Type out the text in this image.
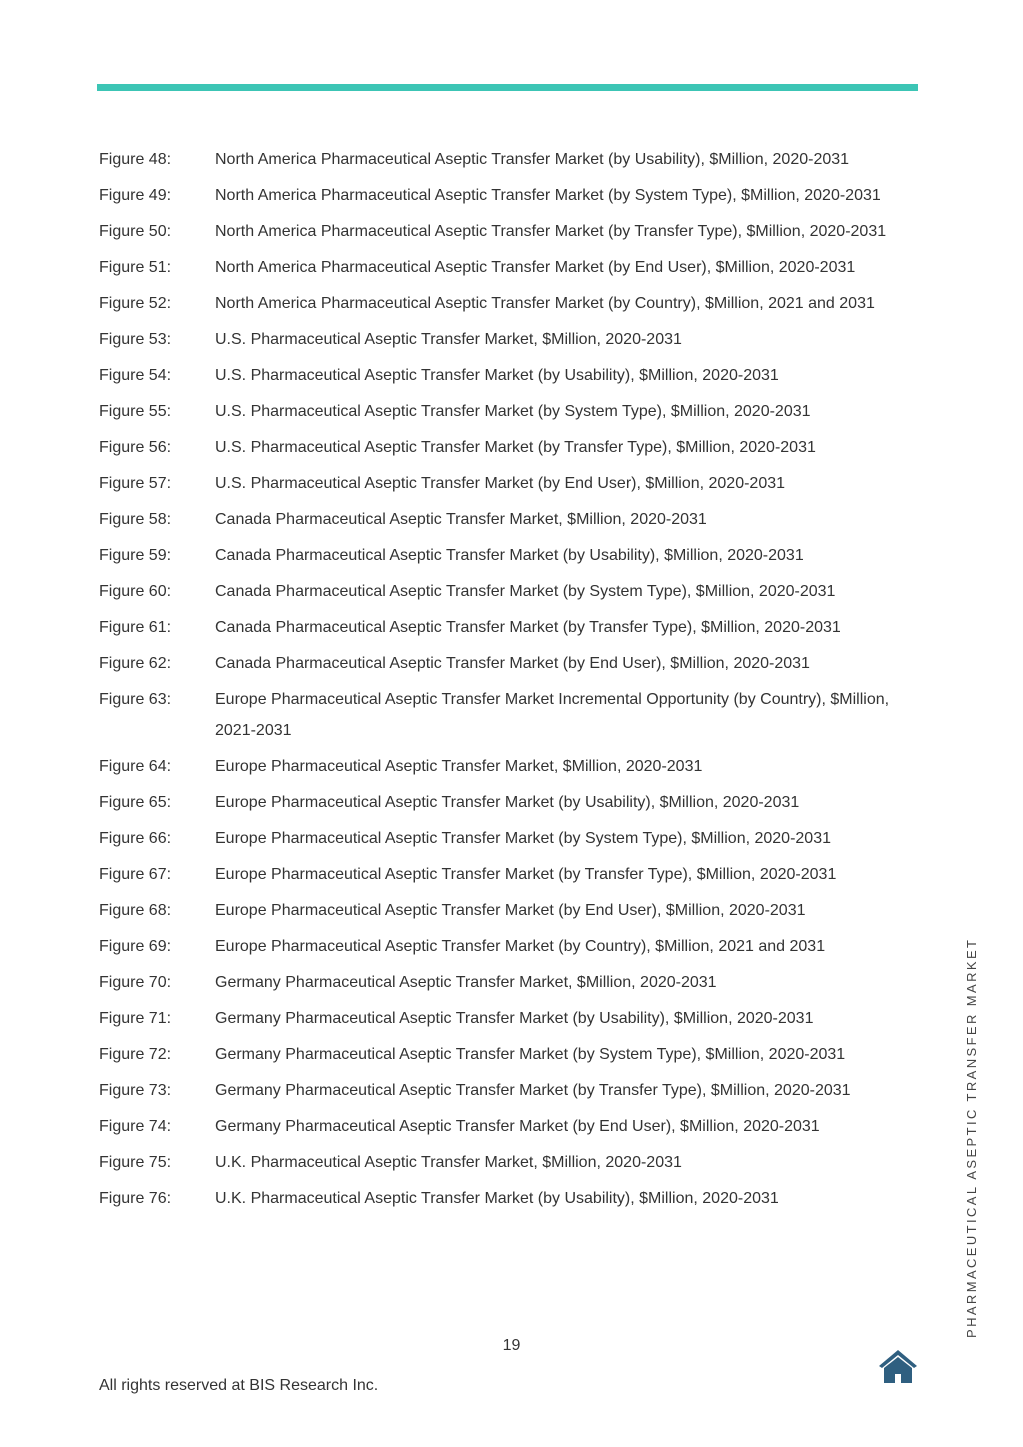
Figure 48:	North America Pharmaceutical Aseptic Transfer Market (by Usability), $Million, 2020-2031
Figure 49:	North America Pharmaceutical Aseptic Transfer Market (by System Type), $Million, 2020-2031
Figure 50:	North America Pharmaceutical Aseptic Transfer Market (by Transfer Type), $Million, 2020-2031
Figure 51:	North America Pharmaceutical Aseptic Transfer Market (by End User), $Million, 2020-2031
Figure 52:	North America Pharmaceutical Aseptic Transfer Market (by Country), $Million, 2021 and 2031
Figure 53:	U.S. Pharmaceutical Aseptic Transfer Market, $Million, 2020-2031
Figure 54:	U.S. Pharmaceutical Aseptic Transfer Market (by Usability), $Million, 2020-2031
Figure 55:	U.S. Pharmaceutical Aseptic Transfer Market (by System Type), $Million, 2020-2031
Figure 56:	U.S. Pharmaceutical Aseptic Transfer Market (by Transfer Type), $Million, 2020-2031
Figure 57:	U.S. Pharmaceutical Aseptic Transfer Market (by End User), $Million, 2020-2031
Figure 58:	Canada Pharmaceutical Aseptic Transfer Market, $Million, 2020-2031
Figure 59:	Canada Pharmaceutical Aseptic Transfer Market (by Usability), $Million, 2020-2031
Figure 60:	Canada Pharmaceutical Aseptic Transfer Market (by System Type), $Million, 2020-2031
Figure 61:	Canada Pharmaceutical Aseptic Transfer Market (by Transfer Type), $Million, 2020-2031
Figure 62:	Canada Pharmaceutical Aseptic Transfer Market (by End User), $Million, 2020-2031
Figure 63:	Europe Pharmaceutical Aseptic Transfer Market Incremental Opportunity (by Country), $Million, 2021-2031
Figure 64:	Europe Pharmaceutical Aseptic Transfer Market, $Million, 2020-2031
Figure 65:	Europe Pharmaceutical Aseptic Transfer Market (by Usability), $Million, 2020-2031
Figure 66:	Europe Pharmaceutical Aseptic Transfer Market (by System Type), $Million, 2020-2031
Figure 67:	Europe Pharmaceutical Aseptic Transfer Market (by Transfer Type), $Million, 2020-2031
Figure 68:	Europe Pharmaceutical Aseptic Transfer Market (by End User), $Million, 2020-2031
Figure 69:	Europe Pharmaceutical Aseptic Transfer Market (by Country), $Million, 2021 and 2031
Figure 70:	Germany Pharmaceutical Aseptic Transfer Market, $Million, 2020-2031
Figure 71:	Germany Pharmaceutical Aseptic Transfer Market (by Usability), $Million, 2020-2031
Figure 72:	Germany Pharmaceutical Aseptic Transfer Market (by System Type), $Million, 2020-2031
Figure 73:	Germany Pharmaceutical Aseptic Transfer Market (by Transfer Type), $Million, 2020-2031
Figure 74:	Germany Pharmaceutical Aseptic Transfer Market (by End User), $Million, 2020-2031
Figure 75:	U.K. Pharmaceutical Aseptic Transfer Market, $Million, 2020-2031
Figure 76:	U.K. Pharmaceutical Aseptic Transfer Market (by Usability), $Million, 2020-2031	PHARMACEUTICAL ASEPTIC TRANSFER MARKET
19
All rights reserved at BIS Research Inc.
